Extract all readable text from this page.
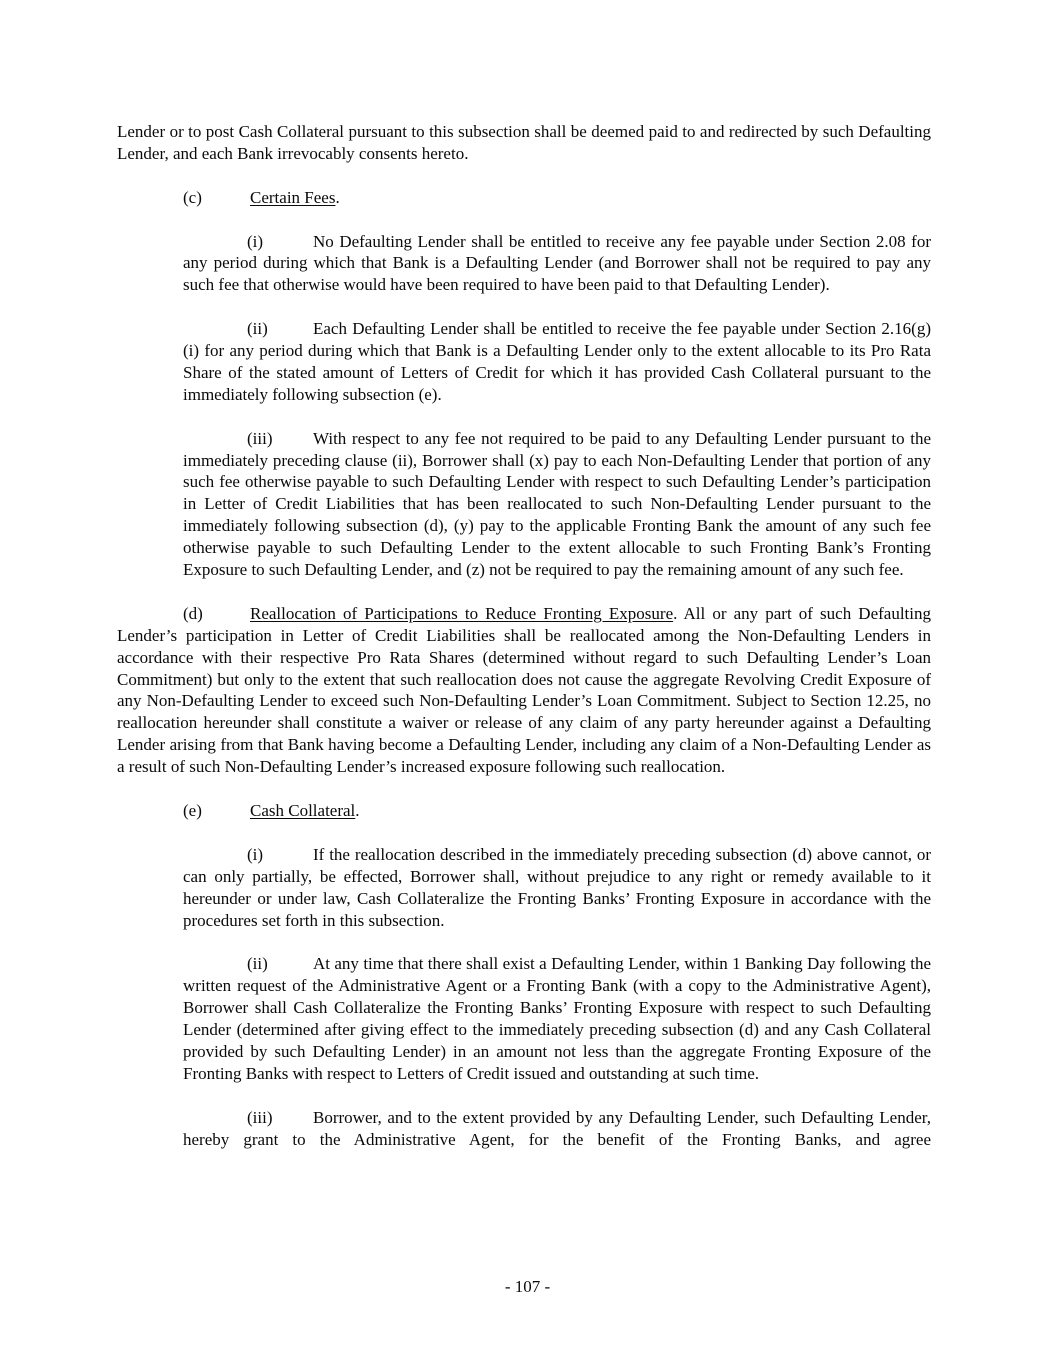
Lender or to post Cash Collateral pursuant to this subsection shall be deemed paid to and redirected by such Defaulting Lender, and each Bank irrevocably consents hereto.

(c)	Certain Fees.

(i)	No Defaulting Lender shall be entitled to receive any fee payable under Section 2.08 for any period during which that Bank is a Defaulting Lender (and Borrower shall not be required to pay any such fee that otherwise would have been required to have been paid to that Defaulting Lender).

(ii)	Each Defaulting Lender shall be entitled to receive the fee payable under Section 2.16(g)(i) for any period during which that Bank is a Defaulting Lender only to the extent allocable to its Pro Rata Share of the stated amount of Letters of Credit for which it has provided Cash Collateral pursuant to the immediately following subsection (e).

(iii) With respect to any fee not required to be paid to any Defaulting Lender pursuant to the immediately preceding clause (ii), Borrower shall (x) pay to each Non-Defaulting Lender that portion of any such fee otherwise payable to such Defaulting Lender with respect to such Defaulting Lender’s participation in Letter of Credit Liabilities that has been reallocated to such Non-Defaulting Lender pursuant to the immediately following subsection (d), (y) pay to the applicable Fronting Bank the amount of any such fee otherwise payable to such Defaulting Lender to the extent allocable to such Fronting Bank’s Fronting Exposure to such Defaulting Lender, and (z) not be required to pay the remaining amount of any such fee.

(d)	Reallocation of Participations to Reduce Fronting Exposure. All or any part of such Defaulting Lender’s participation in Letter of Credit Liabilities shall be reallocated among the Non-Defaulting Lenders in accordance with their respective Pro Rata Shares (determined without regard to such Defaulting Lender’s Loan Commitment) but only to the extent that such reallocation does not cause the aggregate Revolving Credit Exposure of any Non-Defaulting Lender to exceed such Non-Defaulting Lender’s Loan Commitment. Subject to Section 12.25, no reallocation hereunder shall constitute a waiver or release of any claim of any party hereunder against a Defaulting Lender arising from that Bank having become a Defaulting Lender, including any claim of a Non-Defaulting Lender as a result of such Non-Defaulting Lender’s increased exposure following such reallocation.

(e)	Cash Collateral.

(i)	If the reallocation described in the immediately preceding subsection (d) above cannot, or can only partially, be effected, Borrower shall, without prejudice to any right or remedy available to it hereunder or under law, Cash Collateralize the Fronting Banks’ Fronting Exposure in accordance with the procedures set forth in this subsection.

(ii)	At any time that there shall exist a Defaulting Lender, within 1 Banking Day following the written request of the Administrative Agent or a Fronting Bank (with a copy to the Administrative Agent), Borrower shall Cash Collateralize the Fronting Banks’ Fronting Exposure with respect to such Defaulting Lender (determined after giving effect to the immediately preceding subsection (d) and any Cash Collateral provided by such Defaulting Lender) in an amount not less than the aggregate Fronting Exposure of the Fronting Banks with respect to Letters of Credit issued and outstanding at such time.

(iii) Borrower, and to the extent provided by any Defaulting Lender, such Defaulting Lender, hereby grant to the Administrative Agent, for the benefit of the Fronting Banks, and agree

- 107 -
